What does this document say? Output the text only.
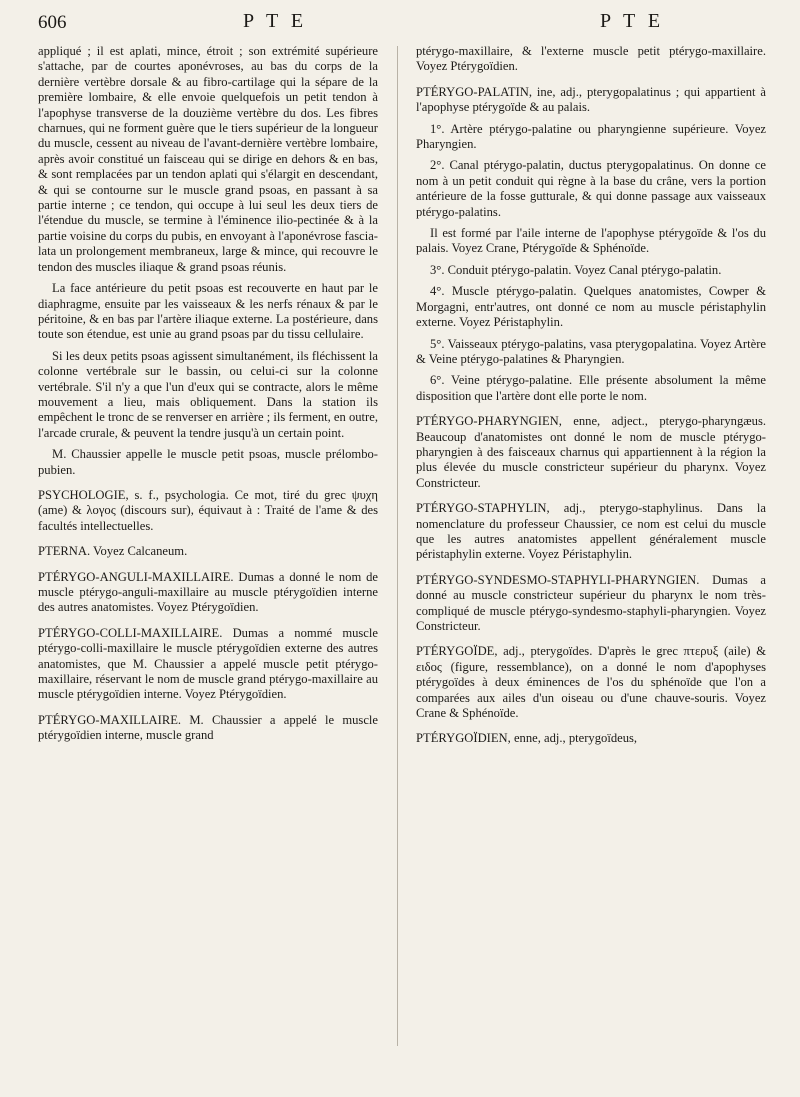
606	P T E	P T E

appliqué ; il est aplati, mince, étroit ; son extrémité supérieure s'attache, par de courtes aponévroses, au bas du corps de la dernière vertèbre dorsale & au fibro-cartilage qui la sépare de la première lombaire, & elle envoie quelquefois un petit tendon à l'apophyse transverse de la douzième vertèbre du dos. Les fibres charnues, qui ne forment guère que le tiers supérieur de la longueur du muscle, cessent au niveau de l'avant-dernière vertèbre lombaire, après avoir constitué un faisceau qui se dirige en dehors & en bas, & sont remplacées par un tendon aplati qui s'élargit en descendant, & qui se contourne sur le muscle grand psoas, en passant à sa partie interne ; ce tendon, qui occupe à lui seul les deux tiers de l'étendue du muscle, se termine à l'éminence ilio-pectinée & à la partie voisine du corps du pubis, en envoyant à l'aponévrose fascia-lata un prolongement membraneux, large & mince, qui recouvre le tendon des muscles iliaque & grand psoas réunis.

La face antérieure du petit psoas est recouverte en haut par le diaphragme, ensuite par les vaisseaux & les nerfs rénaux & par le péritoine, & en bas par l'artère iliaque externe. La postérieure, dans toute son étendue, est unie au grand psoas par du tissu cellulaire.

Si les deux petits psoas agissent simultanément, ils fléchissent la colonne vertébrale sur le bassin, ou celui-ci sur la colonne vertébrale. S'il n'y a que l'un d'eux qui se contracte, alors le même mouvement a lieu, mais obliquement. Dans la station ils empêchent le tronc de se renverser en arrière ; ils ferment, en outre, l'arcade crurale, & peuvent la tendre jusqu'à un certain point.

M. Chaussier appelle le muscle petit psoas, muscle prélombo-pubien.

PSYCHOLOGIE, s. f., psychologia. Ce mot, tiré du grec ψυχη (ame) & λογος (discours sur), équivaut à : Traité de l'ame & des facultés intellectuelles.

PTERNA. Voyez Calcaneum.

PTÉRYGO-ANGULI-MAXILLAIRE. Dumas a donné le nom de muscle ptérygo-anguli-maxillaire au muscle ptérygoïdien interne des autres anatomistes. Voyez Ptérygoïdien.

PTÉRYGO-COLLI-MAXILLAIRE. Dumas a nommé muscle ptérygo-colli-maxillaire le muscle ptérygoïdien externe des autres anatomistes, que M. Chaussier a appelé muscle petit ptérygo-maxillaire, réservant le nom de muscle grand ptérygo-maxillaire au muscle ptérygoïdien interne. Voyez Ptérygoïdien.

PTÉRYGO-MAXILLAIRE. M. Chaussier a appelé le muscle ptérygoïdien interne, muscle grand

ptérygo-maxillaire, & l'externe muscle petit ptérygo-maxillaire. Voyez Ptérygoïdien.

PTÉRYGO-PALATIN, ine, adj., pterygopalatinus ; qui appartient à l'apophyse ptérygoïde & au palais.

1°. Artère ptérygo-palatine ou pharyngienne supérieure. Voyez Pharyngien.

2°. Canal ptérygo-palatin, ductus pterygopalatinus. On donne ce nom à un petit conduit qui règne à la base du crâne, vers la portion antérieure de la fosse gutturale, & qui donne passage aux vaisseaux ptérygo-palatins.

Il est formé par l'aile interne de l'apophyse ptérygoïde & l'os du palais. Voyez Crane, Ptérygoïde & Sphénoïde.

3°. Conduit ptérygo-palatin. Voyez Canal ptérygo-palatin.

4°. Muscle ptérygo-palatin. Quelques anatomistes, Cowper & Morgagni, entr'autres, ont donné ce nom au muscle péristaphylin externe. Voyez Péristaphylin.

5°. Vaisseaux ptérygo-palatins, vasa pterygopalatina. Voyez Artère & Veine ptérygo-palatines & Pharyngien.

6°. Veine ptérygo-palatine. Elle présente absolument la même disposition que l'artère dont elle porte le nom.

PTÉRYGO-PHARYNGIEN, enne, adject., pterygo-pharyngæus. Beaucoup d'anatomistes ont donné le nom de muscle ptérygo-pharyngien à des faisceaux charnus qui appartiennent à la région la plus élevée du muscle constricteur supérieur du pharynx. Voyez Constricteur.

PTÉRYGO-STAPHYLIN, adj., pterygo-staphylinus. Dans la nomenclature du professeur Chaussier, ce nom est celui du muscle que les autres anatomistes appellent généralement muscle péristaphylin externe. Voyez Péristaphylin.

PTÉRYGO-SYNDESMO-STAPHYLI-PHARYNGIEN. Dumas a donné au muscle constricteur supérieur du pharynx le nom très-compliqué de muscle ptérygo-syndesmo-staphyli-pharyngien. Voyez Constricteur.

PTÉRYGOÏDE, adj., pterygoïdes. D'après le grec πτερυξ (aile) & ειδος (figure, ressemblance), on a donné le nom d'apophyses ptérygoïdes à deux éminences de l'os du sphénoïde que l'on a comparées aux ailes d'un oiseau ou d'une chauve-souris. Voyez Crane & Sphénoïde.

PTÉRYGOÏDIEN, enne, adj., pterygoïdeus,
